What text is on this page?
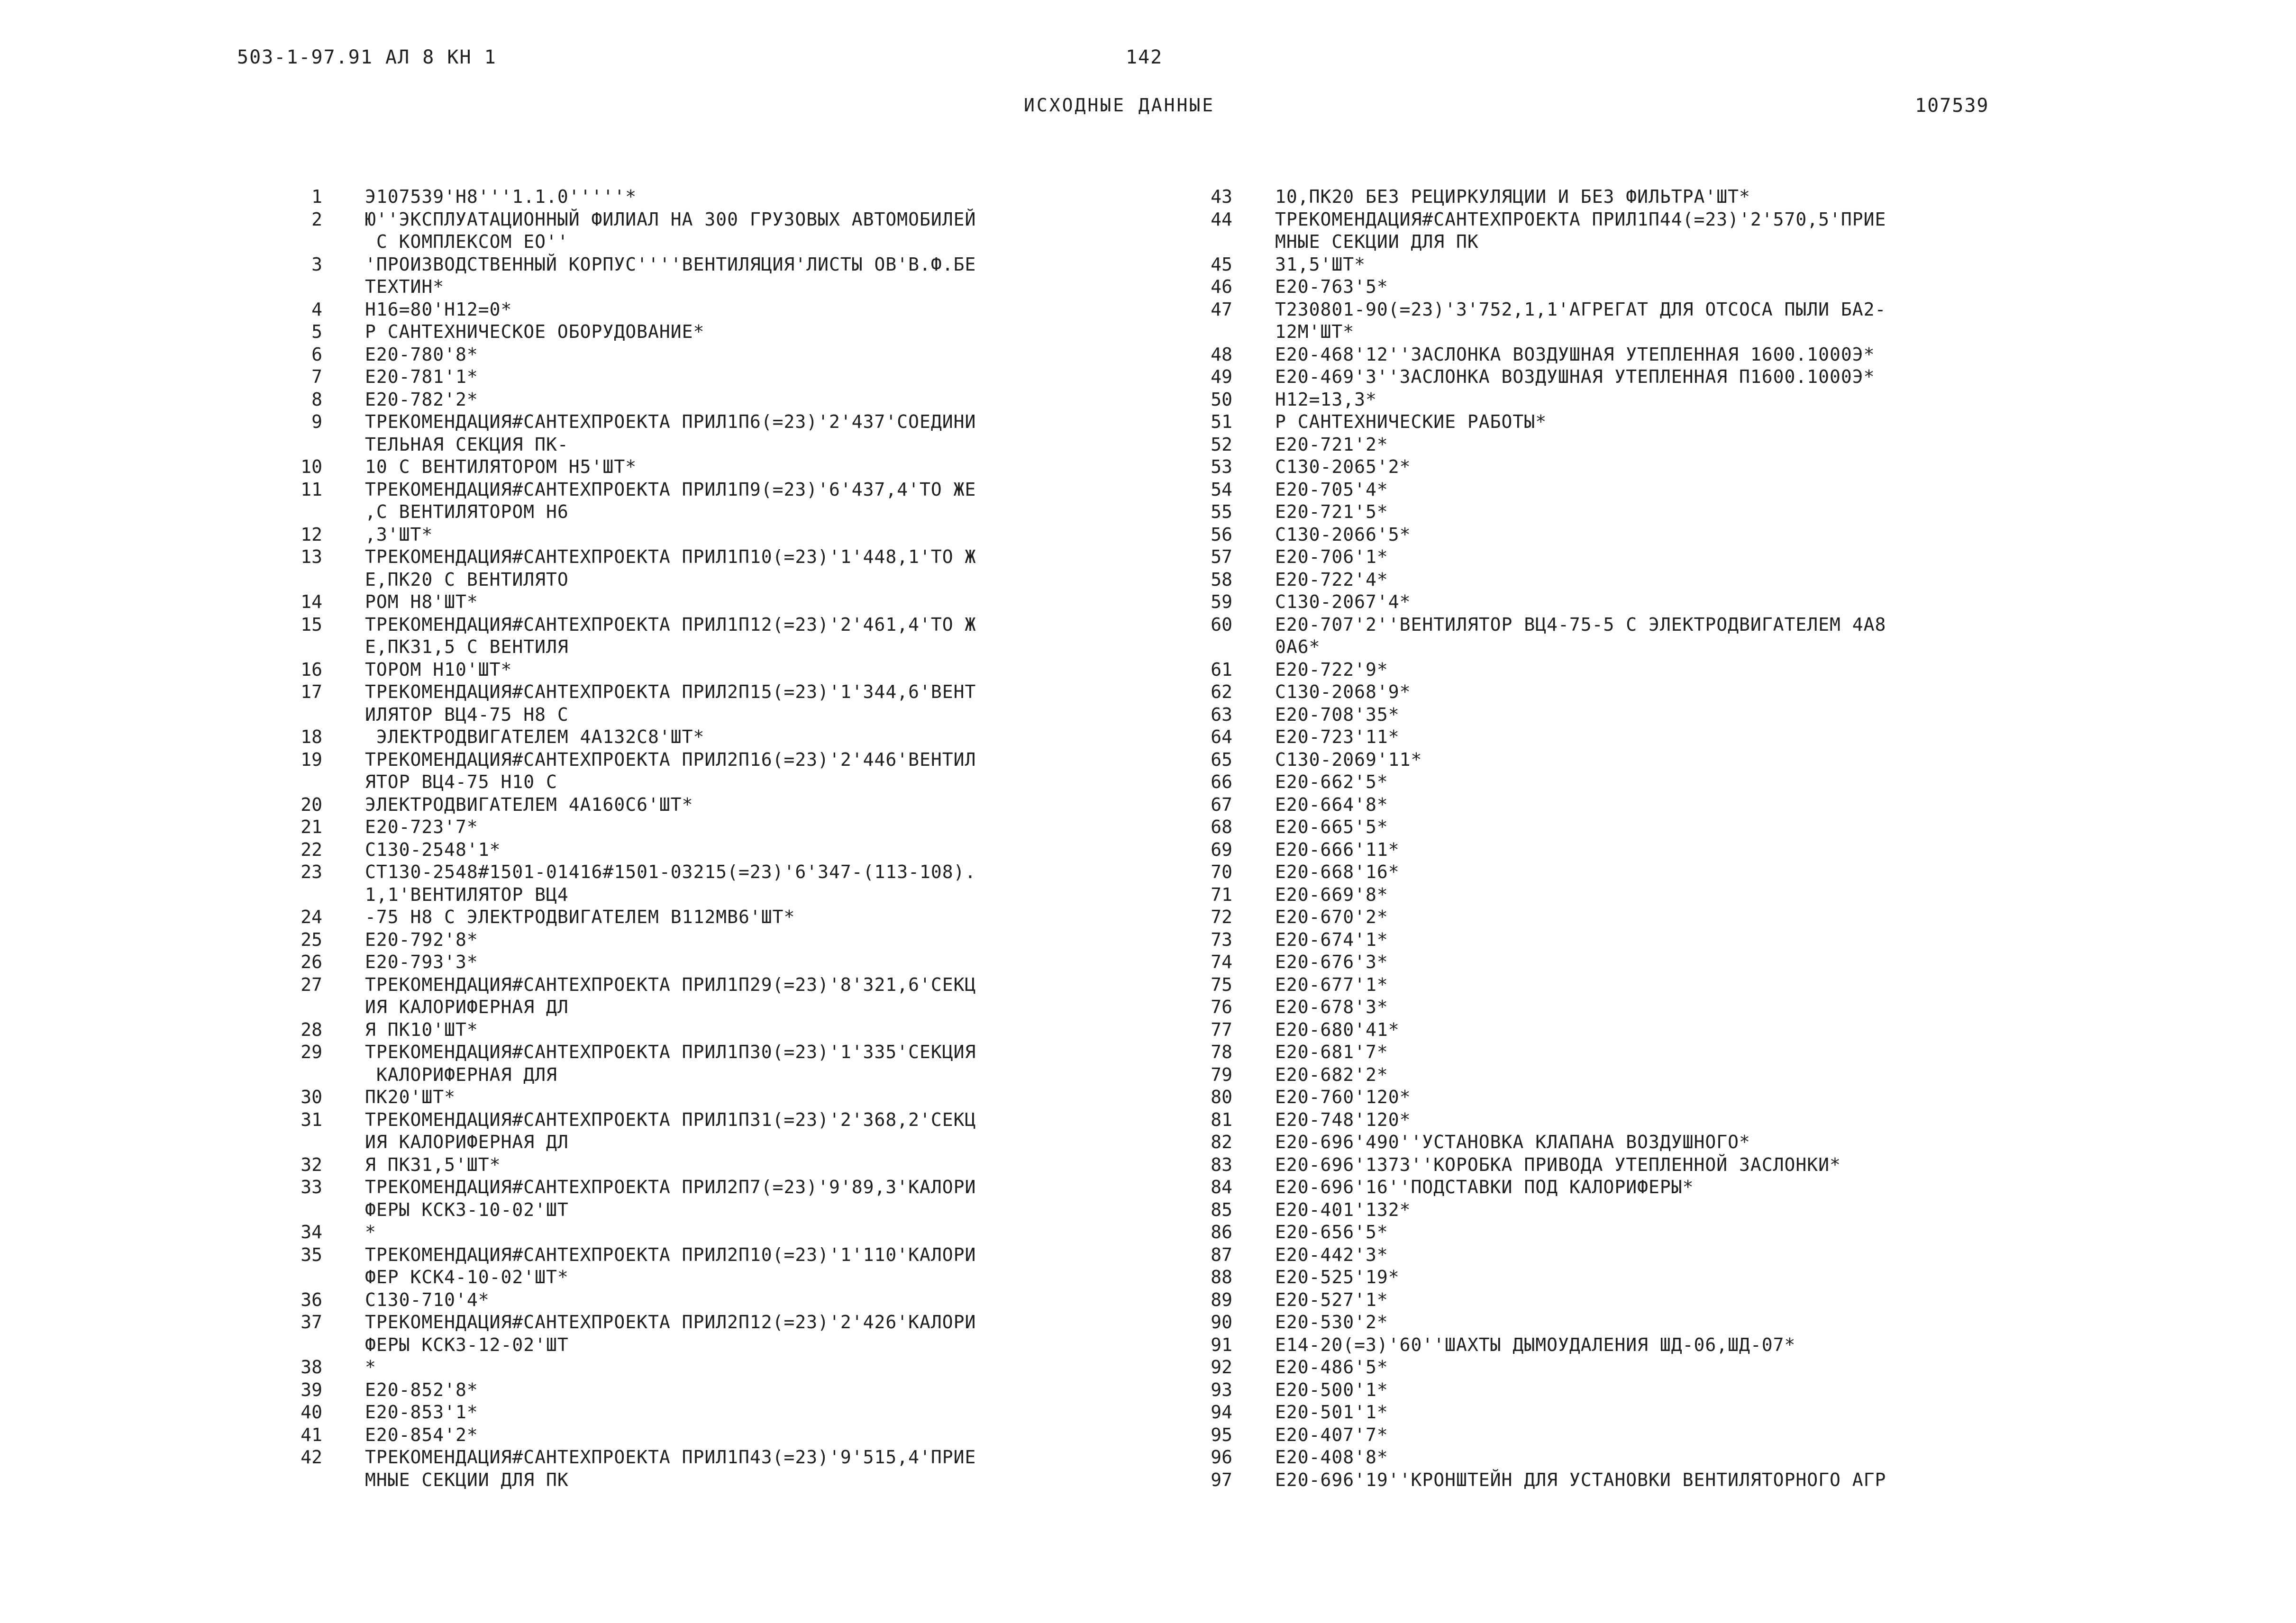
503-1-97.91 АЛ 8 КН 1	142
ИСХОДНЫЕ ДАННЫЕ	107539
1	Э107539'Н8'''1.1.0'''''*
2	Ю''ЭКСПЛУАТАЦИОННЫЙ ФИЛИАЛ НА 300 ГРУЗОВЫХ АВТОМОБИЛЕЙ
С КОМПЛЕКСОМ ЕО''
3	'ПРОИЗВОДСТВЕННЫЙ КОРПУС''''ВЕНТИЛЯЦИЯ'ЛИСТЫ ОВ'В.Ф.БЕ
ТЕХТИН*
4	Н16=80'Н12=0*
5	Р САНТЕХНИЧЕСКОЕ ОБОРУДОВАНИЕ*
6	Е20-780'8*
7	Е20-781'1*
8	Е20-782'2*
9	ТРЕКОМЕНДАЦИЯ#САНТЕХПРОЕКТА ПРИЛ1П6(=23)'2'437'СОЕДИНИ
ТЕЛЬНАЯ СЕКЦИЯ ПК-
10	10 С ВЕНТИЛЯТОРОМ Н5'ШТ*
11	ТРЕКОМЕНДАЦИЯ#САНТЕХПРОЕКТА ПРИЛ1П9(=23)'6'437,4'ТО ЖЕ
,С ВЕНТИЛЯТОРОМ Н6
12	,3'ШТ*
13	ТРЕКОМЕНДАЦИЯ#САНТЕХПРОЕКТА ПРИЛ1П10(=23)'1'448,1'ТО Ж
Е,ПК20 С ВЕНТИЛЯТО
14	РОМ Н8'ШТ*
15	ТРЕКОМЕНДАЦИЯ#САНТЕХПРОЕКТА ПРИЛ1П12(=23)'2'461,4'ТО Ж
Е,ПК31,5 С ВЕНТИЛЯ
16	ТОРОМ Н10'ШТ*
17	ТРЕКОМЕНДАЦИЯ#САНТЕХПРОЕКТА ПРИЛ2П15(=23)'1'344,6'ВЕНТ
ИЛЯТОР ВЦ4-75 Н8 С
18	ЭЛЕКТРОДВИГАТЕЛЕМ 4А132С8'ШТ*
19	ТРЕКОМЕНДАЦИЯ#САНТЕХПРОЕКТА ПРИЛ2П16(=23)'2'446'ВЕНТИЛ
ЯТОР ВЦ4-75 Н10 С
20	ЭЛЕКТРОДВИГАТЕЛЕМ 4А160С6'ШТ*
21	Е20-723'7*
22	С130-2548'1*
23	СТ130-2548#1501-01416#1501-03215(=23)'6'347-(113-108).
1,1'ВЕНТИЛЯТОР ВЦ4
24	-75 Н8 С ЭЛЕКТРОДВИГАТЕЛЕМ В112МВ6'ШТ*
25	Е20-792'8*
26	Е20-793'3*
27	ТРЕКОМЕНДАЦИЯ#САНТЕХПРОЕКТА ПРИЛ1П29(=23)'8'321,6'СЕКЦ
ИЯ КАЛОРИФЕРНАЯ ДЛ
28	Я ПК10'ШТ*
29	ТРЕКОМЕНДАЦИЯ#САНТЕХПРОЕКТА ПРИЛ1П30(=23)'1'335'СЕКЦИЯ
КАЛОРИФЕРНАЯ ДЛЯ
30	ПК20'ШТ*
31	ТРЕКОМЕНДАЦИЯ#САНТЕХПРОЕКТА ПРИЛ1П31(=23)'2'368,2'СЕКЦ
ИЯ КАЛОРИФЕРНАЯ ДЛ
32	Я ПК31,5'ШТ*
33	ТРЕКОМЕНДАЦИЯ#САНТЕХПРОЕКТА ПРИЛ2П7(=23)'9'89,3'КАЛОРИ
ФЕРЫ КСК3-10-02'ШТ
34	*
35	ТРЕКОМЕНДАЦИЯ#САНТЕХПРОЕКТА ПРИЛ2П10(=23)'1'110'КАЛОРИ
ФЕР КСК4-10-02'ШТ*
36	С130-710'4*
37	ТРЕКОМЕНДАЦИЯ#САНТЕХПРОЕКТА ПРИЛ2П12(=23)'2'426'КАЛОРИ
ФЕРЫ КСК3-12-02'ШТ
38	*
39	Е20-852'8*
40	Е20-853'1*
41	Е20-854'2*
42	ТРЕКОМЕНДАЦИЯ#САНТЕХПРОЕКТА ПРИЛ1П43(=23)'9'515,4'ПРИЕ
МНЫЕ СЕКЦИИ ДЛЯ ПК
43	10,ПК20 БЕЗ РЕЦИРКУЛЯЦИИ И БЕЗ ФИЛЬТРА'ШТ*
44	ТРЕКОМЕНДАЦИЯ#САНТЕХПРОЕКТА ПРИЛ1П44(=23)'2'570,5'ПРИЕ
МНЫЕ СЕКЦИИ ДЛЯ ПК
45	31,5'ШТ*
46	Е20-763'5*
47	Т230801-90(=23)'3'752,1,1'АГРЕГАТ ДЛЯ ОТСОСА ПЫЛИ БА2-
12М'ШТ*
48	Е20-468'12''ЗАСЛОНКА ВОЗДУШНАЯ УТЕПЛЕННАЯ 1600.1000Э*
49	Е20-469'3''ЗАСЛОНКА ВОЗДУШНАЯ УТЕПЛЕННАЯ П1600.1000Э*
50	Н12=13,3*
51	Р САНТЕХНИЧЕСКИЕ РАБОТЫ*
52	Е20-721'2*
53	С130-2065'2*
54	Е20-705'4*
55	Е20-721'5*
56	С130-2066'5*
57	Е20-706'1*
58	Е20-722'4*
59	С130-2067'4*
60	Е20-707'2''ВЕНТИЛЯТОР ВЦ4-75-5 С ЭЛЕКТРОДВИГАТЕЛЕМ 4А8
0А6*
61	Е20-722'9*
62	С130-2068'9*
63	Е20-708'35*
64	Е20-723'11*
65	С130-2069'11*
66	Е20-662'5*
67	Е20-664'8*
68	Е20-665'5*
69	Е20-666'11*
70	Е20-668'16*
71	Е20-669'8*
72	Е20-670'2*
73	Е20-674'1*
74	Е20-676'3*
75	Е20-677'1*
76	Е20-678'3*
77	Е20-680'41*
78	Е20-681'7*
79	Е20-682'2*
80	Е20-760'120*
81	Е20-748'120*
82	Е20-696'490''УСТАНОВКА КЛАПАНА ВОЗДУШНОГО*
83	Е20-696'1373''КОРОБКА ПРИВОДА УТЕПЛЕННОЙ ЗАСЛОНКИ*
84	Е20-696'16''ПОДСТАВКИ ПОД КАЛОРИФЕРЫ*
85	Е20-401'132*
86	Е20-656'5*
87	Е20-442'3*
88	Е20-525'19*
89	Е20-527'1*
90	Е20-530'2*
91	Е14-20(=3)'60''ШАХТЫ ДЫМОУДАЛЕНИЯ ШД-06,ШД-07*
92	Е20-486'5*
93	Е20-500'1*
94	Е20-501'1*
95	Е20-407'7*
96	Е20-408'8*
97	Е20-696'19''КРОНШТЕЙН ДЛЯ УСТАНОВКИ ВЕНТИЛЯТОРНОГО АГР
